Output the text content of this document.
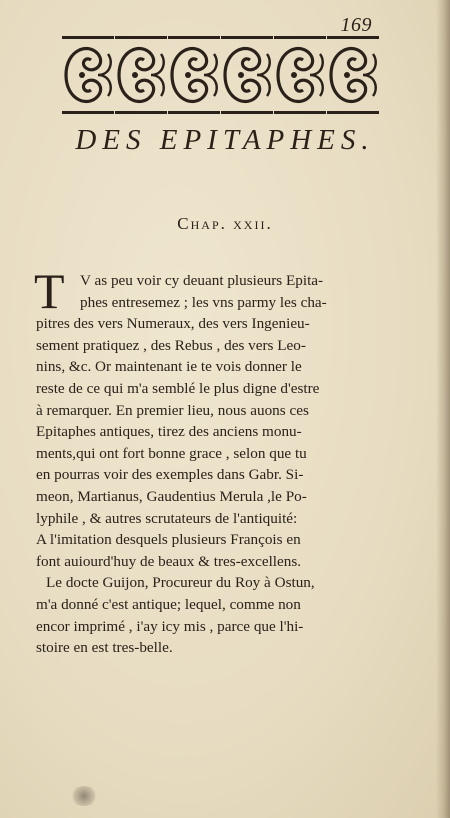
169
DES EPITAPHES.
Chap. xxii.
T	V as peu voir cy deuant plusieurs Epita-
phes entresemez ; les vns parmy les cha-
pitres des vers Numeraux, des vers Ingenieu-
sement pratiquez , des Rebus , des vers Leo-
nins, &c. Or maintenant ie te vois donner le
reste de ce qui m'a semblé le plus digne d'estre
à remarquer. En premier lieu, nous auons ces
Epitaphes antiques, tirez des anciens monu-
ments,qui ont fort bonne grace , selon que tu
en pourras voir des exemples dans Gabr. Si-
meon, Martianus, Gaudentius Merula ,le Po-
lyphile , & autres scrutateurs de l'antiquité:
A l'imitation desquels plusieurs François en
font auiourd'huy de beaux & tres-excellens.
Le docte Guijon, Procureur du Roy à Ostun,
m'a donné c'est antique; lequel, comme non
encor imprimé , i'ay icy mis , parce que l'hi-
stoire en est tres-belle.
